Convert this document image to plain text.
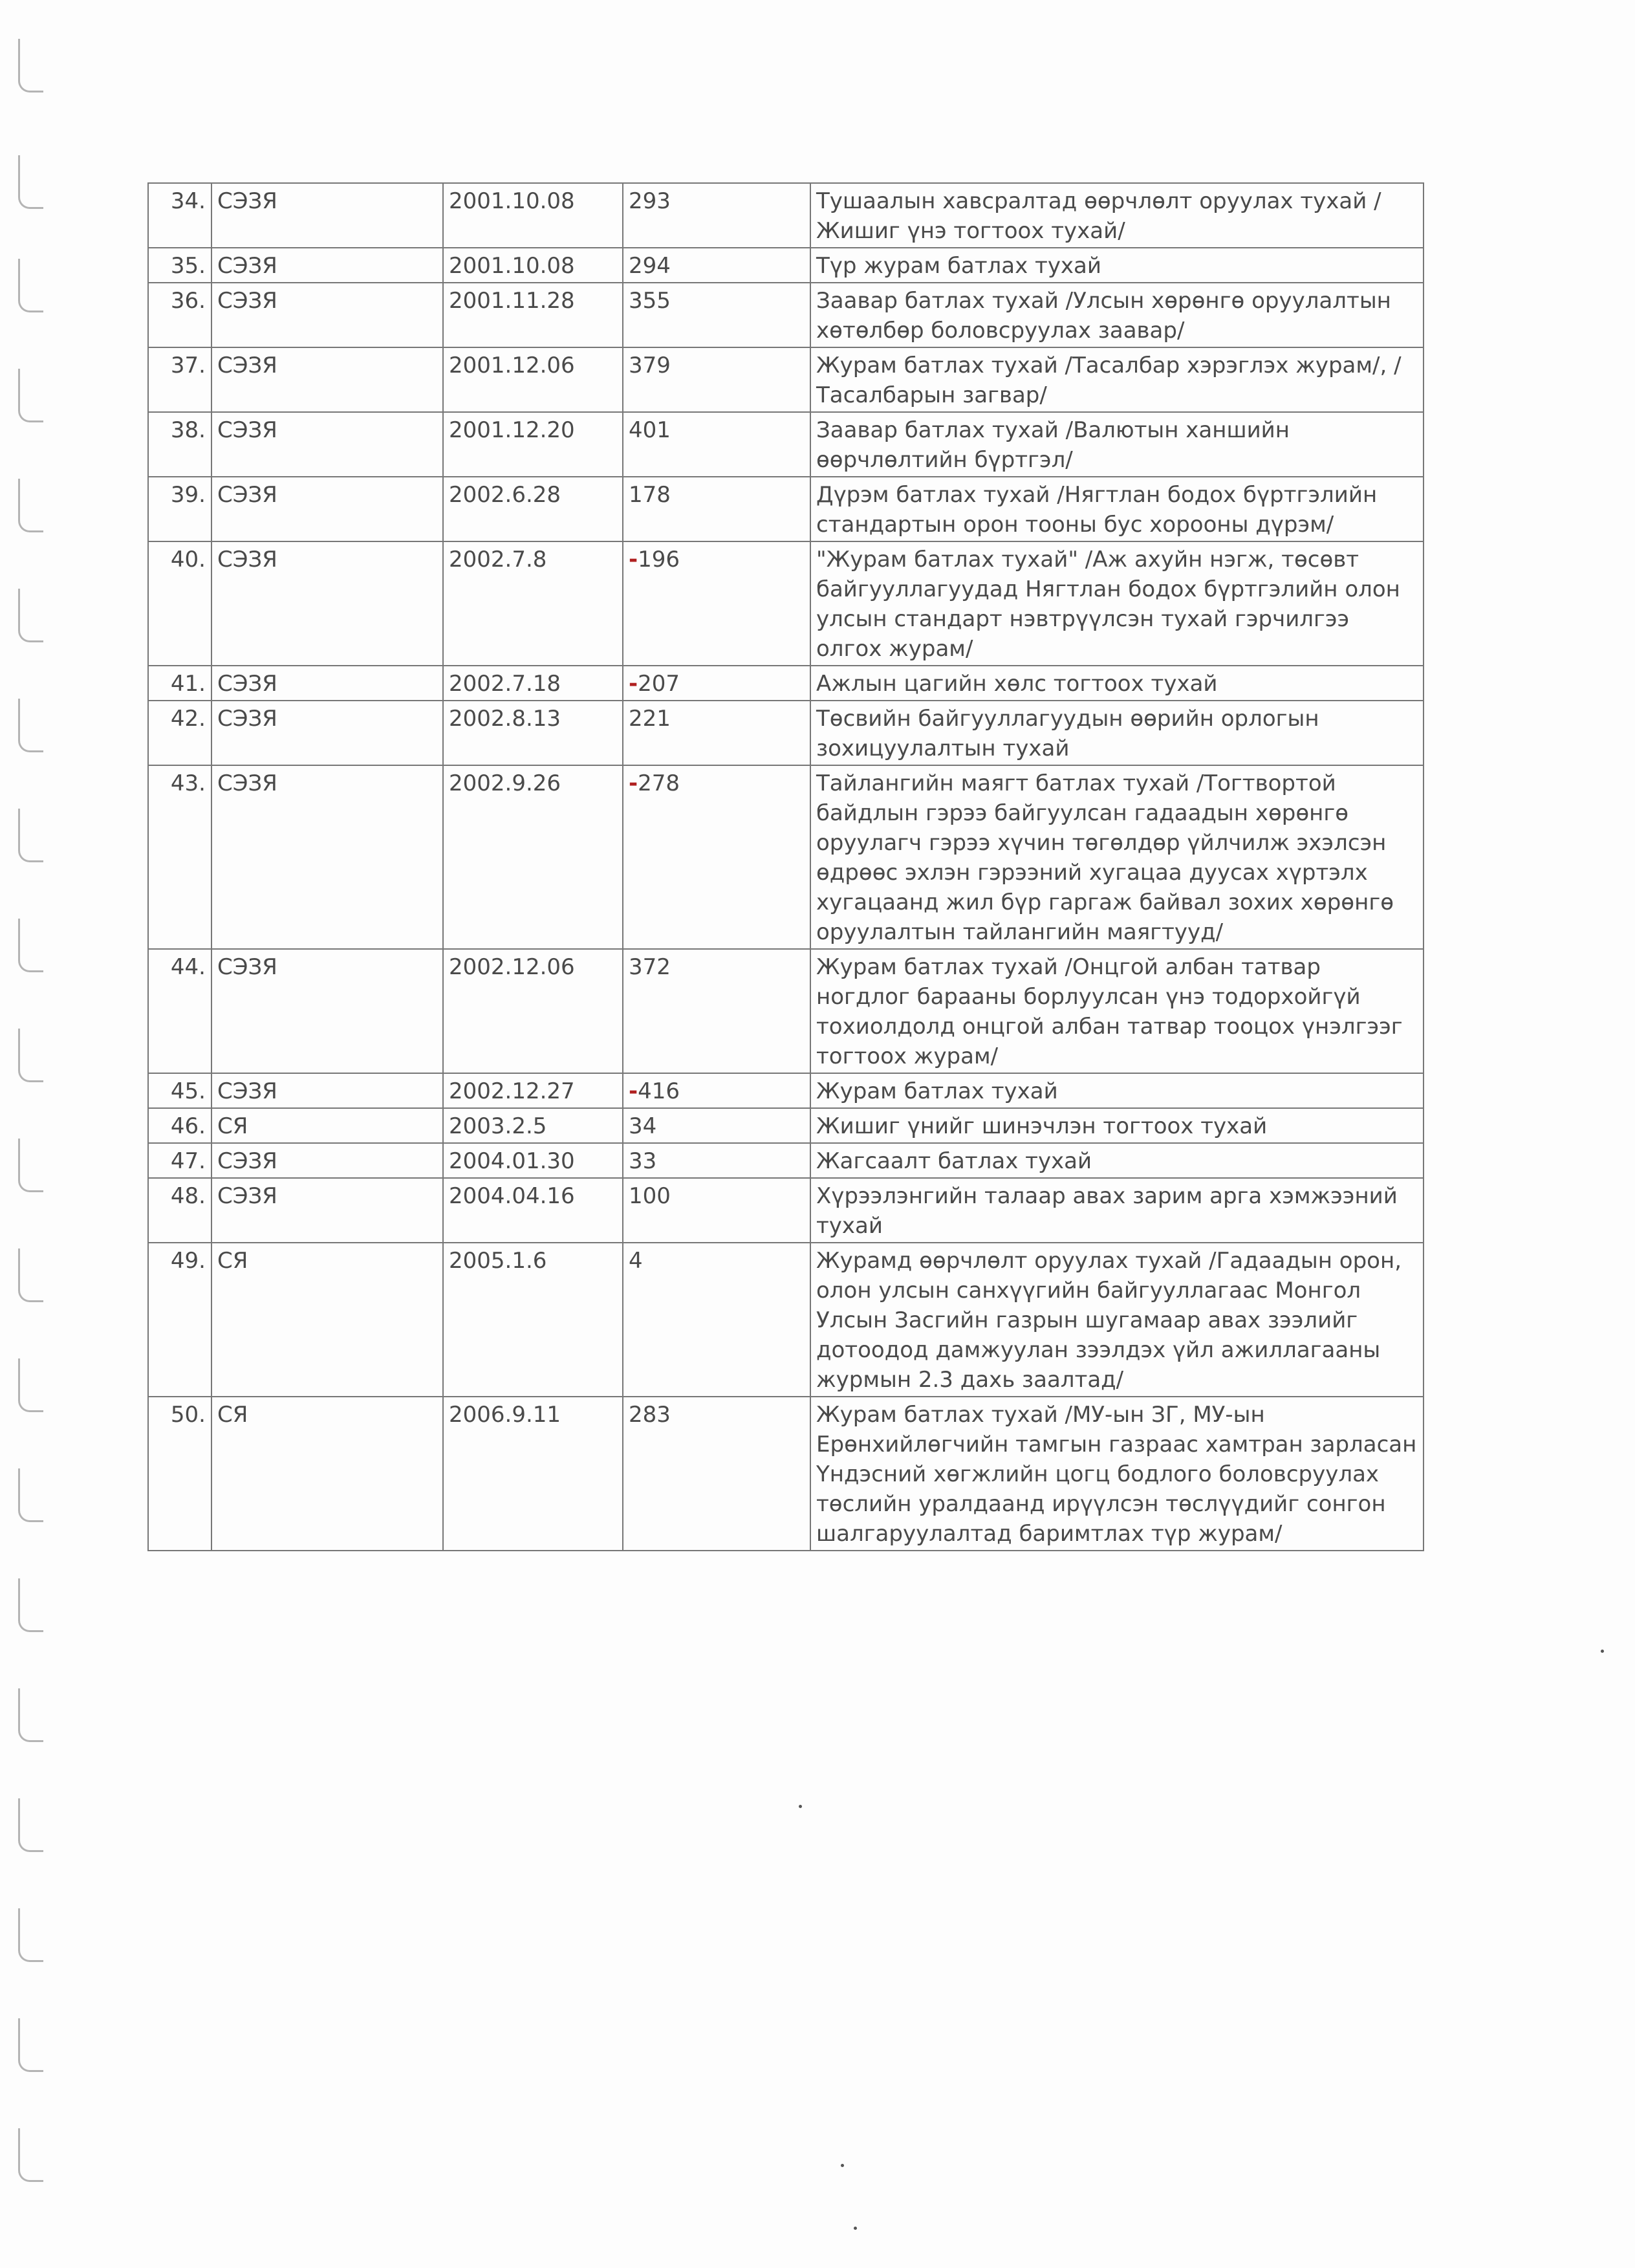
34.	СЭЗЯ	2001.10.08	293	Тушаалын хавсралтад өөрчлөлт оруулах тухай /Жишиг үнэ тогтоох тухай/
35.	СЭЗЯ	2001.10.08	294	Түр журам батлах тухай
36.	СЭЗЯ	2001.11.28	355	Заавар батлах тухай /Улсын хөрөнгө оруулалтын хөтөлбөр боловсруулах заавар/
37.	СЭЗЯ	2001.12.06	379	Журам батлах тухай /Тасалбар хэрэглэх журам/, /Тасалбарын загвар/
38.	СЭЗЯ	2001.12.20	401	Заавар батлах тухай /Валютын ханшийн өөрчлөлтийн бүртгэл/
39.	СЭЗЯ	2002.6.28	178	Дүрэм батлах тухай /Нягтлан бодох бүртгэлийн стандартын орон тооны бус хорооны дүрэм/
40.	СЭЗЯ	2002.7.8	-196	"Журам батлах тухай" /Аж ахуйн нэгж, төсөвт байгууллагуудад Нягтлан бодох бүртгэлийн олон улсын стандарт нэвтрүүлсэн тухай гэрчилгээ олгох журам/
41.	СЭЗЯ	2002.7.18	-207	Ажлын цагийн хөлс тогтоох тухай
42.	СЭЗЯ	2002.8.13	221	Төсвийн байгууллагуудын өөрийн орлогын зохицуулалтын тухай
43.	СЭЗЯ	2002.9.26	-278	Тайлангийн маягт батлах тухай /Тогтвортой байдлын гэрээ байгуулсан гадаадын хөрөнгө оруулагч гэрээ хүчин төгөлдөр үйлчилж эхэлсэн өдрөөс эхлэн гэрээний хугацаа дуусах хүртэлх хугацаанд жил бүр гаргаж байвал зохих хөрөнгө оруулалтын тайлангийн маягтууд/
44.	СЭЗЯ	2002.12.06	372	Журам батлах тухай /Онцгой албан татвар ногдлог барааны борлуулсан үнэ тодорхойгүй тохиолдолд онцгой албан татвар тооцох үнэлгээг тогтоох журам/
45.	СЭЗЯ	2002.12.27	-416	Журам батлах тухай
46.	СЯ	2003.2.5	34	Жишиг үнийг шинэчлэн тогтоох тухай
47.	СЭЗЯ	2004.01.30	33	Жагсаалт батлах тухай
48.	СЭЗЯ	2004.04.16	100	Хүрээлэнгийн талаар авах зарим арга хэмжээний тухай
49.	СЯ	2005.1.6	4	Журамд өөрчлөлт оруулах тухай /Гадаадын орон, олон улсын санхүүгийн байгууллагаас Монгол Улсын Засгийн газрын шугамаар авах зээлийг дотоодод дамжуулан зээлдэх үйл ажиллагааны журмын 2.3 дахь заалтад/
50.	СЯ	2006.9.11	283	Журам батлах тухай /МУ-ын ЗГ, МУ-ын Ерөнхийлөгчийн тамгын газраас хамтран зарласан Үндэсний хөгжлийн цогц бодлого боловсруулах төслийн уралдаанд ирүүлсэн төслүүдийг сонгон шалгаруулалтад баримтлах түр журам/
